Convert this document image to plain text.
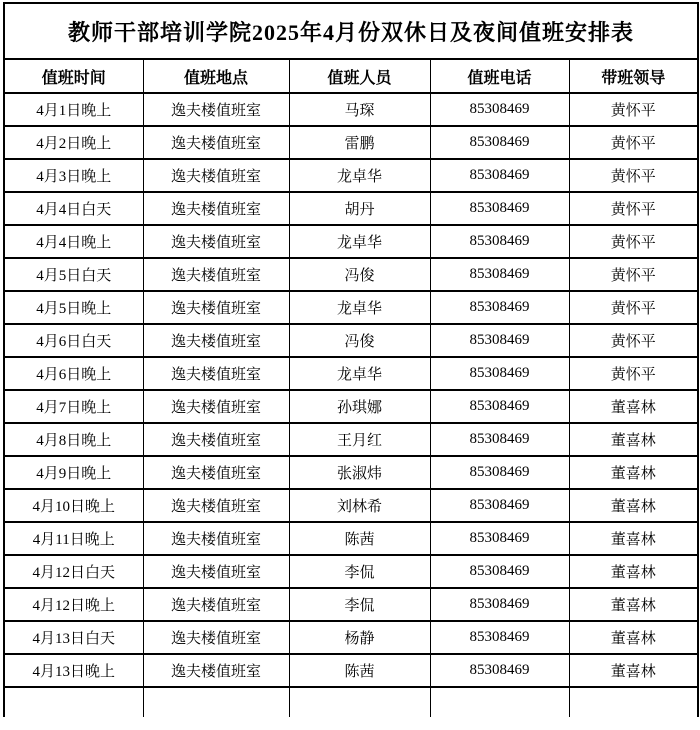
教师干部培训学院2025年4月份双休日及夜间值班安排表				
值班时间	值班地点	值班人员	值班电话	带班领导
4月1日晚上	逸夫楼值班室	马琛	85308469	黄怀平
4月2日晚上	逸夫楼值班室	雷鹏	85308469	黄怀平
4月3日晚上	逸夫楼值班室	龙卓华	85308469	黄怀平
4月4日白天	逸夫楼值班室	胡丹	85308469	黄怀平
4月4日晚上	逸夫楼值班室	龙卓华	85308469	黄怀平
4月5日白天	逸夫楼值班室	冯俊	85308469	黄怀平
4月5日晚上	逸夫楼值班室	龙卓华	85308469	黄怀平
4月6日白天	逸夫楼值班室	冯俊	85308469	黄怀平
4月6日晚上	逸夫楼值班室	龙卓华	85308469	黄怀平
4月7日晚上	逸夫楼值班室	孙琪娜	85308469	董喜林
4月8日晚上	逸夫楼值班室	王月红	85308469	董喜林
4月9日晚上	逸夫楼值班室	张淑炜	85308469	董喜林
4月10日晚上	逸夫楼值班室	刘林希	85308469	董喜林
4月11日晚上	逸夫楼值班室	陈茜	85308469	董喜林
4月12日白天	逸夫楼值班室	李侃	85308469	董喜林
4月12日晚上	逸夫楼值班室	李侃	85308469	董喜林
4月13日白天	逸夫楼值班室	杨静	85308469	董喜林
4月13日晚上	逸夫楼值班室	陈茜	85308469	董喜林
